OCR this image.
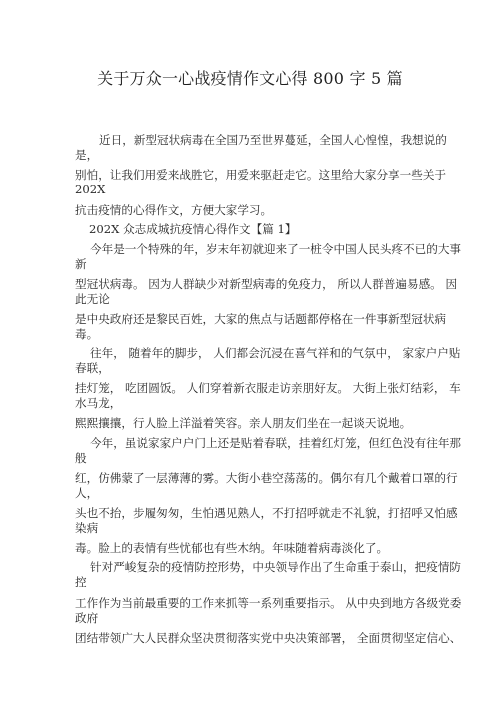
关于万众一心战疫情作文心得 800 字 5 篇
近日，新型冠状病毒在全国乃至世界蔓延，全国人心惶惶，我想说的
是，
别怕，让我们用爱来战胜它，用爱来驱赶走它。这里给大家分享一些关于
202X
抗击疫情的心得作文，方便大家学习。
202X 众志成城抗疫情心得作文【篇 1】
今年是一个特殊的年，岁末年初就迎来了一桩令中国人民头疼不已的大事
新
型冠状病毒。 因为人群缺少对新型病毒的免疫力， 所以人群普遍易感。 因
此无论
是中央政府还是黎民百姓，大家的焦点与话题都停格在一件事新型冠状病
毒。
往年， 随着年的脚步， 人们都会沉浸在喜气祥和的气氛中， 家家户户贴
春联，
挂灯笼， 吃团圆饭。 人们穿着新衣服走访亲朋好友。 大街上张灯结彩， 车
水马龙，
熙熙攘攘，行人脸上洋溢着笑容。亲人朋友们坐在一起谈天说地。
今年，虽说家家户户门上还是贴着春联，挂着红灯笼，但红色没有往年那
般
红，仿佛蒙了一层薄薄的雾。大街小巷空荡荡的。偶尔有几个戴着口罩的行
人，
头也不抬，步履匆匆，生怕遇见熟人，不打招呼就走不礼貌，打招呼又怕感
染病
毒。脸上的表情有些忧郁也有些木纳。年味随着病毒淡化了。
针对严峻复杂的疫情防控形势，中央领导作出了生命重于泰山，把疫情防
控
工作作为当前最重要的工作来抓等一系列重要指示。 从中央到地方各级党委
政府
团结带领广大人民群众坚决贯彻落实党中央决策部署， 全面贯彻坚定信心、
